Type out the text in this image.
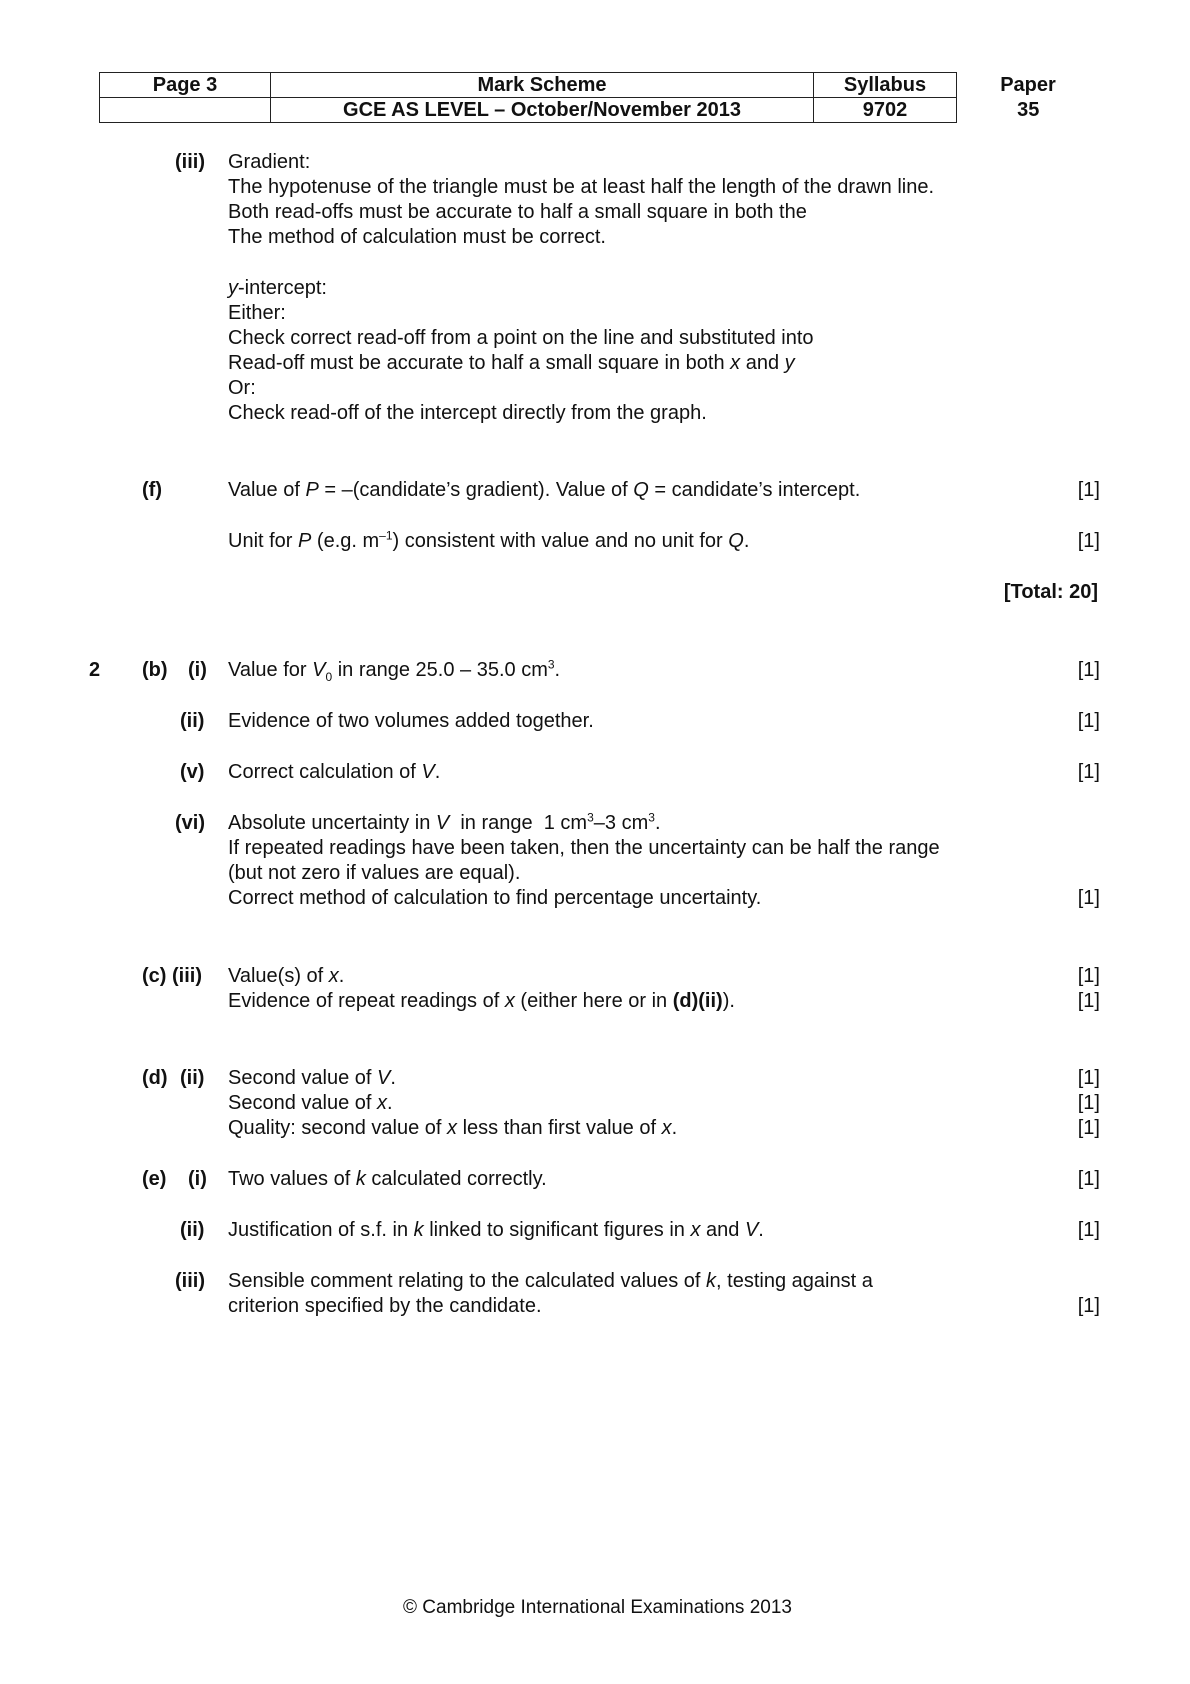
Page 3	Mark Scheme	Syllabus	Paper
	GCE AS LEVEL – October/November 2013	9702	35
(iii) Gradient:
The hypotenuse of the triangle must be at least half the length of the drawn line.
Both read-offs must be accurate to half a small square in both the
The method of calculation must be correct.
y-intercept:
Either:
Check correct read-off from a point on the line and substituted into
Read-off must be accurate to half a small square in both x and y
Or:
Check read-off of the intercept directly from the graph.
(f)	Value of P = –(candidate’s gradient). Value of Q = candidate’s intercept.	[1]
Unit for P (e.g. $m^{-1}$) consistent with value and no unit for Q.	[1]
[Total: 20]
2 (b) (i) Value for $V_0$ in range 25.0 – 35.0 $cm^3$.	[1]
(ii) Evidence of two volumes added together.	[1]
(v) Correct calculation of V.	[1]
(vi) Absolute uncertainty in V  in range  1 $cm^3-3$ $cm^3$.
If repeated readings have been taken, then the uncertainty can be half the range
(but not zero if values are equal).
Correct method of calculation to find percentage uncertainty.	[1]
(c) (iii) Value(s) of x.	[1]
Evidence of repeat readings of x (either here or in (d)(ii)).	[1]
(d) (ii) Second value of V.	[1]
Second value of x.	[1]
Quality: second value of x less than first value of x.	[1]
(e) (i) Two values of k calculated correctly.	[1]
(ii) Justification of s.f. in k linked to significant figures in x and V.	[1]
(iii) Sensible comment relating to the calculated values of k, testing against a
criterion specified by the candidate.	[1]
© Cambridge International Examinations 2013
